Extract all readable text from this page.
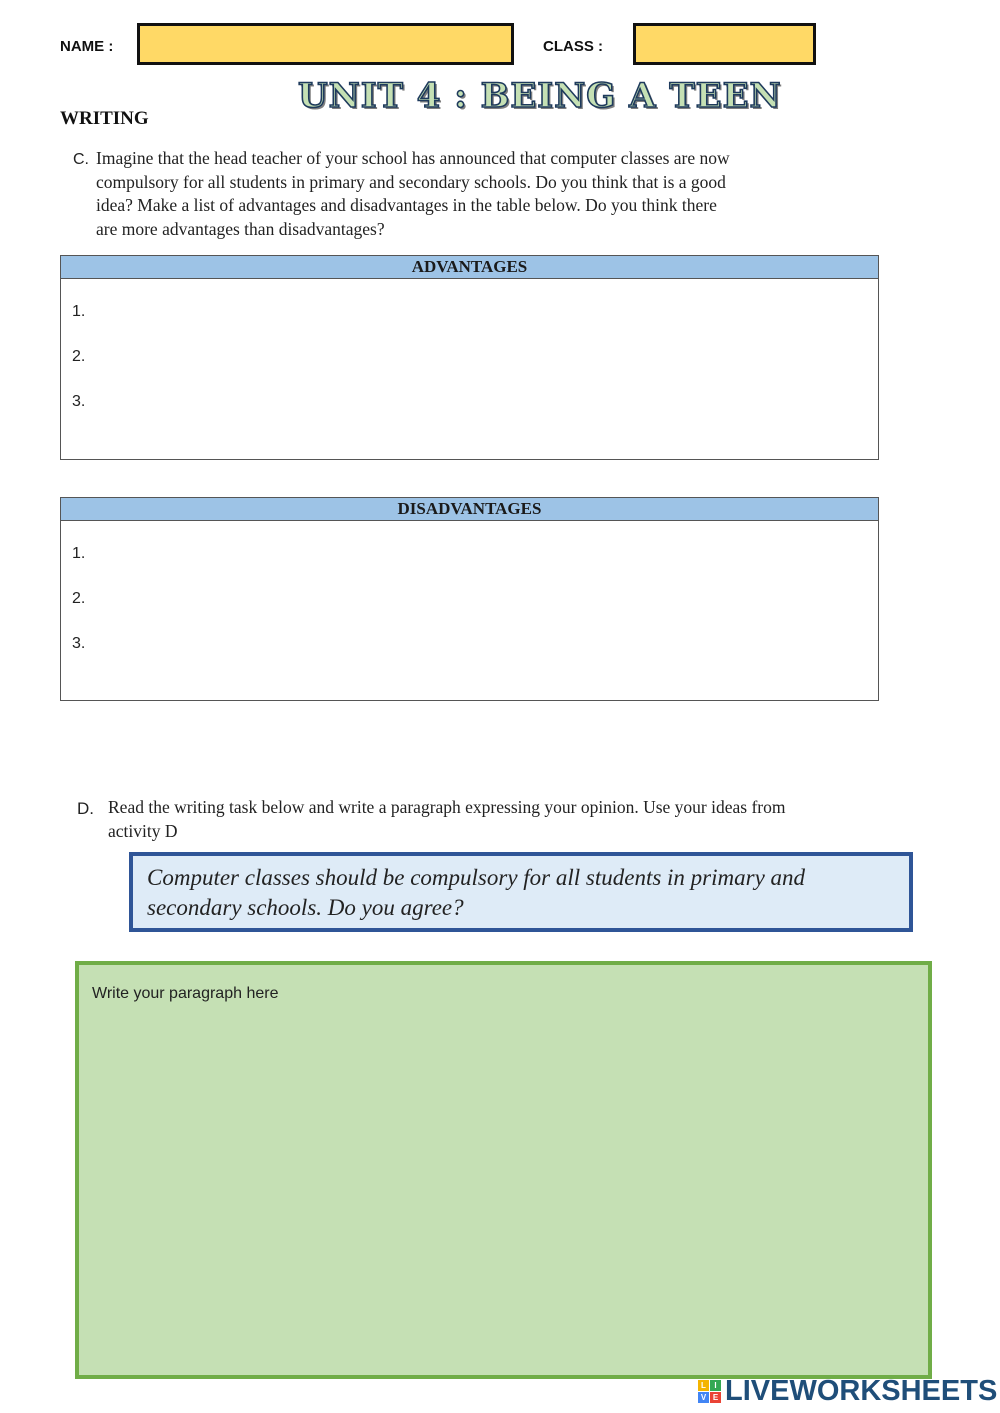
NAME :	CLASS :
UNIT 4 : BEING A TEEN
WRITING
C. Imagine that the head teacher of your school has announced that computer classes are now
compulsory for all students in primary and secondary schools. Do you think that is a good
idea? Make a list of advantages and disadvantages in the table below. Do you think there
are more advantages than disadvantages?
ADVANTAGES
1.
2.
3.
DISADVANTAGES
1.
2.
3.
D. Read the writing task below and write a paragraph expressing your opinion. Use your ideas from
activity D
Computer classes should be compulsory for all students in primary and
secondary schools. Do you agree?
Write your paragraph here
L	I
V E LIVEWORKSHEETS
